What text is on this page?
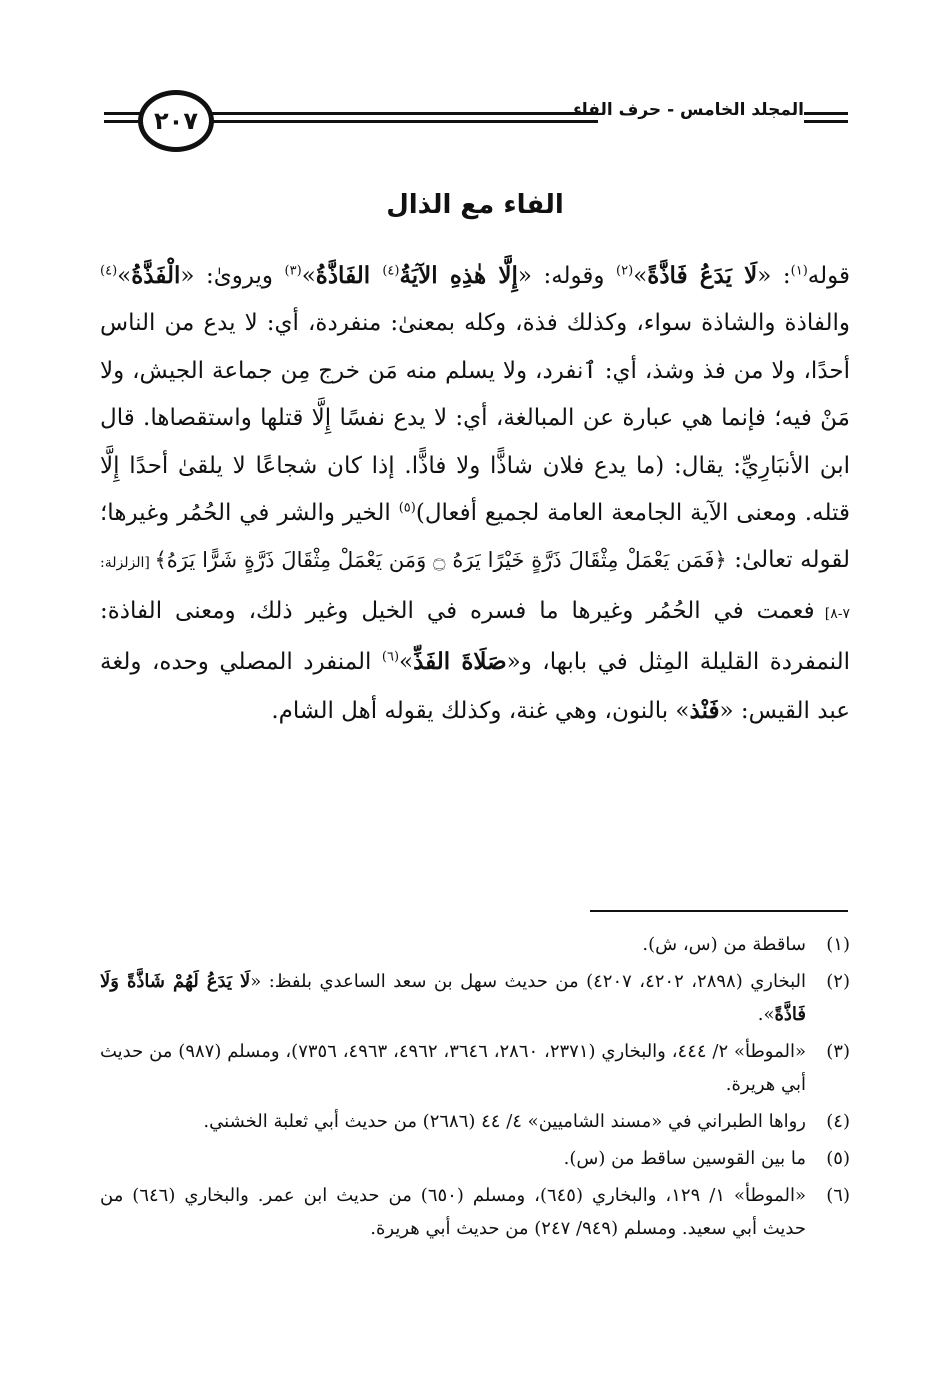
٢٠٧	المجلد الخامس - حرف الفاء
الفاء مع الذال

قوله$^{(١)}$: «لَا يَدَعُ فَاذَّةً»$^{(٢)}$ وقوله: «إِلَّا هٰذِهِ الآيَةُ$^{(٤)}$ الفَاذَّةُ»$^{(٣)}$ ويروىٰ: «الْفَذَّةُ»$^{(٤)}$ والفاذة والشاذة سواء، وكذلك فذة، وكله بمعنىٰ: منفردة، أي: لا يدع من الناس أحدًا، ولا من فذ وشذ، أي: ٱنفرد، ولا يسلم منه مَن خرج مِن جماعة الجيش، ولا مَنْ فيه؛ فإنما هي عبارة عن المبالغة، أي: لا يدع نفسًا إِلَّا قتلها واستقصاها. قال ابن الأنبَارِيِّ: يقال: (ما يدع فلان شاذًّا ولا فاذًّا. إذا كان شجاعًا لا يلقىٰ أحدًا إِلَّا قتله. ومعنى الآية الجامعة العامة لجميع أفعال)$^{(٥)}$ الخير والشر في الحُمُر وغيرها؛ لقوله تعالىٰ: ﴿فَمَن يَعْمَلْ مِثْقَالَ ذَرَّةٍ خَيْرًا يَرَهُ ۝ وَمَن يَعْمَلْ مِثْقَالَ ذَرَّةٍ شَرًّا يَرَهُ﴾ [الزلزلة: ٧-٨] فعمت في الحُمُر وغيرها ما فسره في الخيل وغير ذلك، ومعنى الفاذة: النمفردة القليلة المِثل في بابها، و«صَلَاةَ الفَذِّ»$^{(٦)}$ المنفرد المصلي وحده، ولغة عبد القيس: «فَنْذ» بالنون، وهي غنة، وكذلك يقوله أهل الشام.

(١)
ساقطة من (س، ش).
(٢)
البخاري (٢٨٩٨، ٤٢٠٢، ٤٢٠٧) من حديث سهل بن سعد الساعدي بلفظ: «لَا يَدَعُ لَهُمْ شَاذَّةً وَلَا فَاذَّةً».
(٣)
«الموطأ» ٢/ ٤٤٤، والبخاري (٢٣٧١، ٢٨٦٠، ٣٦٤٦، ٤٩٦٢، ٤٩٦٣، ٧٣٥٦)، ومسلم (٩٨٧) من حديث أبي هريرة.
(٤)
رواها الطبراني في «مسند الشاميين» ٤/ ٤٤ (٢٦٨٦) من حديث أبي ثعلبة الخشني.
(٥)
ما بين القوسين ساقط من (س).
(٦)
«الموطأ» ١/ ١٢٩، والبخاري (٦٤٥)، ومسلم (٦٥٠) من حديث ابن عمر. والبخاري (٦٤٦) من حديث أبي سعيد. ومسلم (٩٤٩/ ٢٤٧) من حديث أبي هريرة.
